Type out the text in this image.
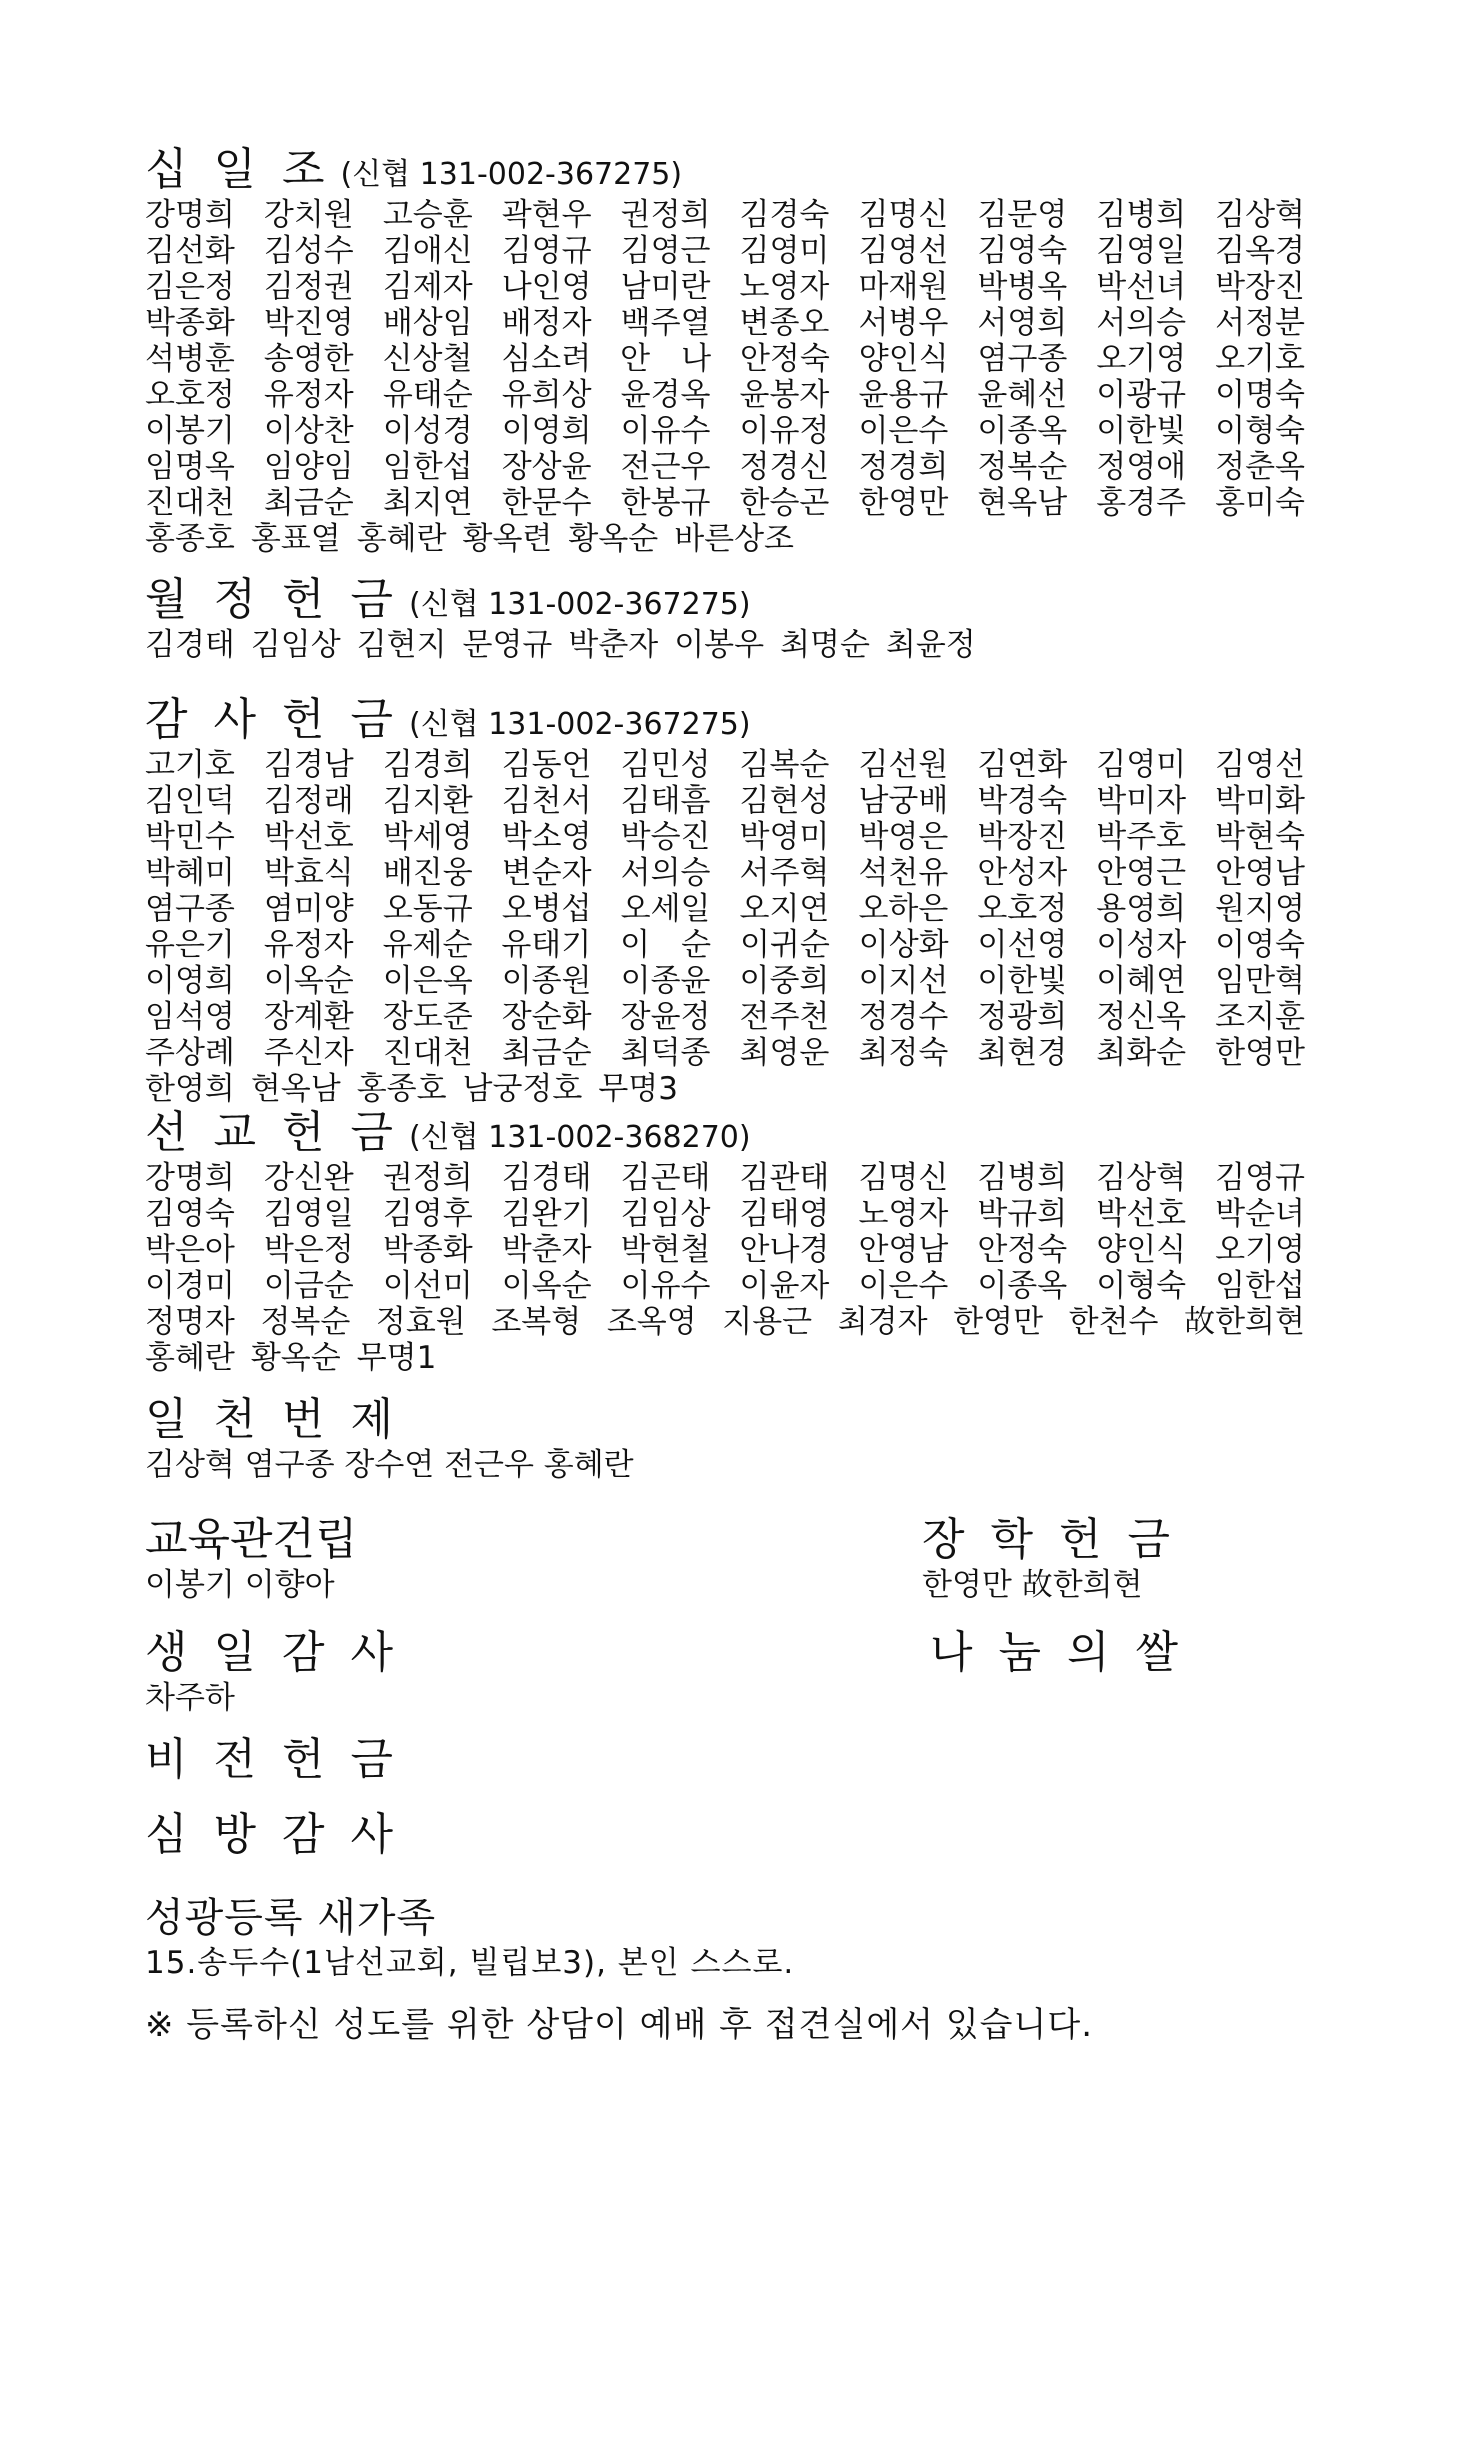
십 일 조 (신협 131-002-367275)
강명희 강치원 고승훈 곽현우 권정희 김경숙 김명신 김문영 김병희 김상혁
김선화 김성수 김애신 김영규 김영근 김영미 김영선 김영숙 김영일 김옥경
김은정 김정권 김제자 나인영 남미란 노영자 마재원 박병옥 박선녀 박장진
박종화 박진영 배상임 배정자 백주열 변종오 서병우 서영희 서의승 서정분
석병훈 송영한 신상철 심소려 안　나 안정숙 양인식 염구종 오기영 오기호
오호정 유정자 유태순 유희상 윤경옥 윤봉자 윤용규 윤혜선 이광규 이명숙
이봉기 이상찬 이성경 이영희 이유수 이유정 이은수 이종옥 이한빛 이형숙
임명옥 임양임 임한섭 장상윤 전근우 정경신 정경희 정복순 정영애 정춘옥
진대천 최금순 최지연 한문수 한봉규 한승곤 한영만 현옥남 홍경주 홍미숙
홍종호 홍표열 홍혜란 황옥련 황옥순 바른상조
월 정 헌 금 (신협 131-002-367275)
김경태 김임상 김현지 문영규 박춘자 이봉우 최명순 최윤정
감 사 헌 금 (신협 131-002-367275)
고기호 김경남 김경희 김동언 김민성 김복순 김선원 김연화 김영미 김영선
김인덕 김정래 김지환 김천서 김태흠 김현성 남궁배 박경숙 박미자 박미화
박민수 박선호 박세영 박소영 박승진 박영미 박영은 박장진 박주호 박현숙
박혜미 박효식 배진웅 변순자 서의승 서주혁 석천유 안성자 안영근 안영남
염구종 염미양 오동규 오병섭 오세일 오지연 오하은 오호정 용영희 원지영
유은기 유정자 유제순 유태기 이　순 이귀순 이상화 이선영 이성자 이영숙
이영희 이옥순 이은옥 이종원 이종윤 이중희 이지선 이한빛 이혜연 임만혁
임석영 장계환 장도준 장순화 장윤정 전주천 정경수 정광희 정신옥 조지훈
주상례 주신자 진대천 최금순 최덕종 최영운 최정숙 최현경 최화순 한영만
한영희 현옥남 홍종호 남궁정호 무명3
선 교 헌 금 (신협 131-002-368270)
강명희 강신완 권정희 김경태 김곤태 김관태 김명신 김병희 김상혁 김영규
김영숙 김영일 김영후 김완기 김임상 김태영 노영자 박규희 박선호 박순녀
박은아 박은정 박종화 박춘자 박현철 안나경 안영남 안정숙 양인식 오기영
이경미 이금순 이선미 이옥순 이유수 이윤자 이은수 이종옥 이형숙 임한섭
정명자 정복순 정효원 조복형 조옥영 지용근 최경자 한영만 한천수 故한희현
홍혜란 황옥순 무명1
일 천 번 제
김상혁 염구종 장수연 전근우 홍혜란
교육관건립
이봉기 이향아
장 학 헌 금
한영만 故한희현
생 일 감 사
차주하
나 눔 의 쌀
비 전 헌 금
심 방 감 사
성광등록 새가족
15.송두수(1남선교회, 빌립보3), 본인 스스로.
※ 등록하신 성도를 위한 상담이 예배 후 접견실에서 있습니다.
